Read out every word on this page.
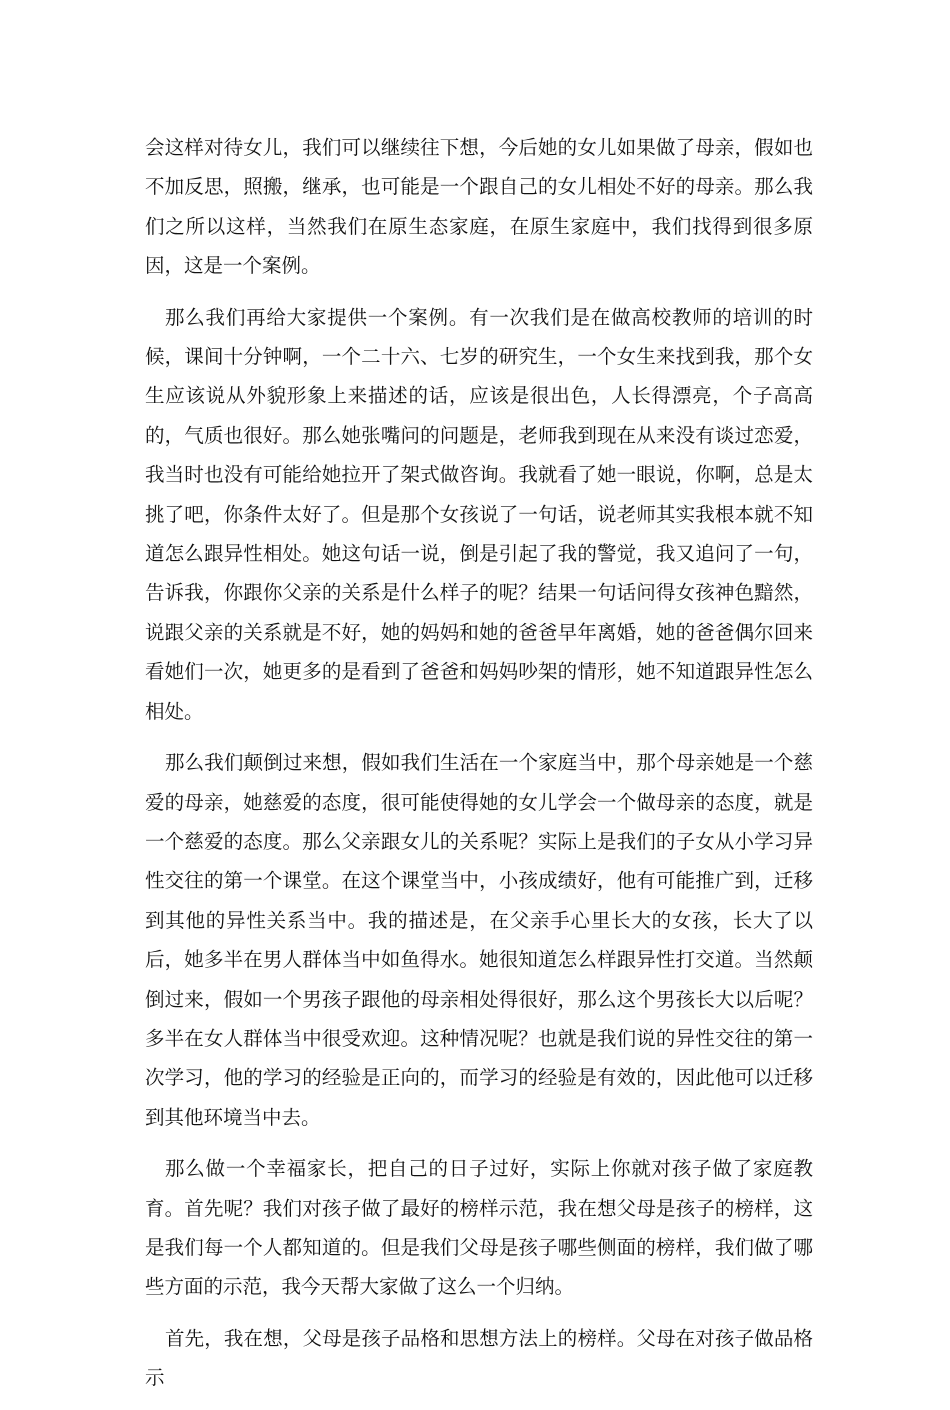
会这样对待女儿，我们可以继续往下想，今后她的女儿如果做了母亲，假如也不加反思，照搬，继承，也可能是一个跟自己的女儿相处不好的母亲。那么我们之所以这样，当然我们在原生态家庭，在原生家庭中，我们找得到很多原因，这是一个案例。

那么我们再给大家提供一个案例。有一次我们是在做高校教师的培训的时候，课间十分钟啊，一个二十六、七岁的研究生，一个女生来找到我，那个女生应该说从外貌形象上来描述的话，应该是很出色，人长得漂亮，个子高高的，气质也很好。那么她张嘴问的问题是，老师我到现在从来没有谈过恋爱，我当时也没有可能给她拉开了架式做咨询。我就看了她一眼说，你啊，总是太挑了吧，你条件太好了。但是那个女孩说了一句话，说老师其实我根本就不知道怎么跟异性相处。她这句话一说，倒是引起了我的警觉，我又追问了一句，告诉我，你跟你父亲的关系是什么样子的呢？结果一句话问得女孩神色黯然，说跟父亲的关系就是不好，她的妈妈和她的爸爸早年离婚，她的爸爸偶尔回来看她们一次，她更多的是看到了爸爸和妈妈吵架的情形，她不知道跟异性怎么相处。

那么我们颠倒过来想，假如我们生活在一个家庭当中，那个母亲她是一个慈爱的母亲，她慈爱的态度，很可能使得她的女儿学会一个做母亲的态度，就是一个慈爱的态度。那么父亲跟女儿的关系呢？实际上是我们的子女从小学习异性交往的第一个课堂。在这个课堂当中，小孩成绩好，他有可能推广到，迁移到其他的异性关系当中。我的描述是，在父亲手心里长大的女孩，长大了以后，她多半在男人群体当中如鱼得水。她很知道怎么样跟异性打交道。当然颠倒过来，假如一个男孩子跟他的母亲相处得很好，那么这个男孩长大以后呢？多半在女人群体当中很受欢迎。这种情况呢？也就是我们说的异性交往的第一次学习，他的学习的经验是正向的，而学习的经验是有效的，因此他可以迁移到其他环境当中去。

那么做一个幸福家长，把自己的日子过好，实际上你就对孩子做了家庭教育。首先呢？我们对孩子做了最好的榜样示范，我在想父母是孩子的榜样，这是我们每一个人都知道的。但是我们父母是孩子哪些侧面的榜样，我们做了哪些方面的示范，我今天帮大家做了这么一个归纳。

首先，我在想，父母是孩子品格和思想方法上的榜样。父母在对孩子做品格示
